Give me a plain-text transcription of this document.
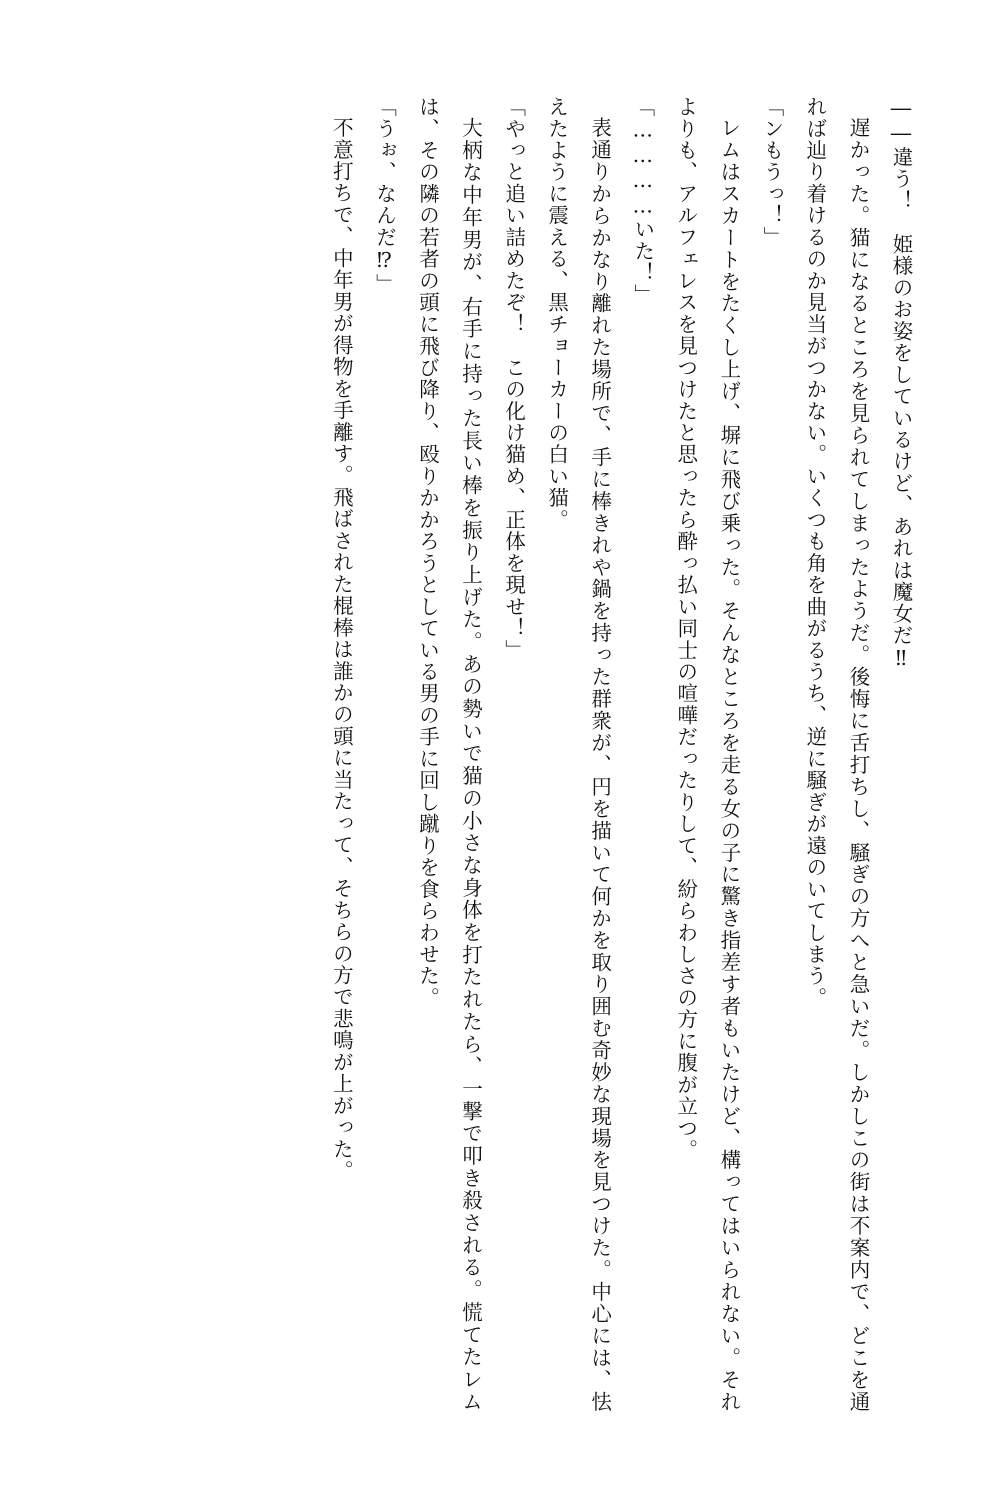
――違う！　姫様のお姿をしているけど、あれは魔女だ‼

遅かった。猫になるところを見られてしまったようだ。後悔に舌打ちし、騒ぎの方へと急いだ。しかしこの街は不案内で、どこを通れば辿り着けるのか見当がつかない。いくつも角を曲がるうち、逆に騒ぎが遠のいてしまう。

「ンもうっ！」

レムはスカートをたくし上げ、塀に飛び乗った。そんなところを走る女の子に驚き指差す者もいたけど、構ってはいられない。それよりも、アルフェレスを見つけたと思ったら酔っ払い同士の喧嘩だったりして、紛らわしさの方に腹が立つ。

「…………いた！」

表通りからかなり離れた場所で、手に棒きれや鍋を持った群衆が、円を描いて何かを取り囲む奇妙な現場を見つけた。中心には、怯えたように震える、黒チョーカーの白い猫。

「やっと追い詰めたぞ！　この化け猫め、正体を現せ！」

大柄な中年男が、右手に持った長い棒を振り上げた。あの勢いで猫の小さな身体を打たれたら、一撃で叩き殺される。慌てたレムは、その隣の若者の頭に飛び降り、殴りかかろうとしている男の手に回し蹴りを食らわせた。

「うぉ、なんだ⁉」

不意打ちで、中年男が得物を手離す。飛ばされた棍棒は誰かの頭に当たって、そちらの方で悲鳴が上がった。
